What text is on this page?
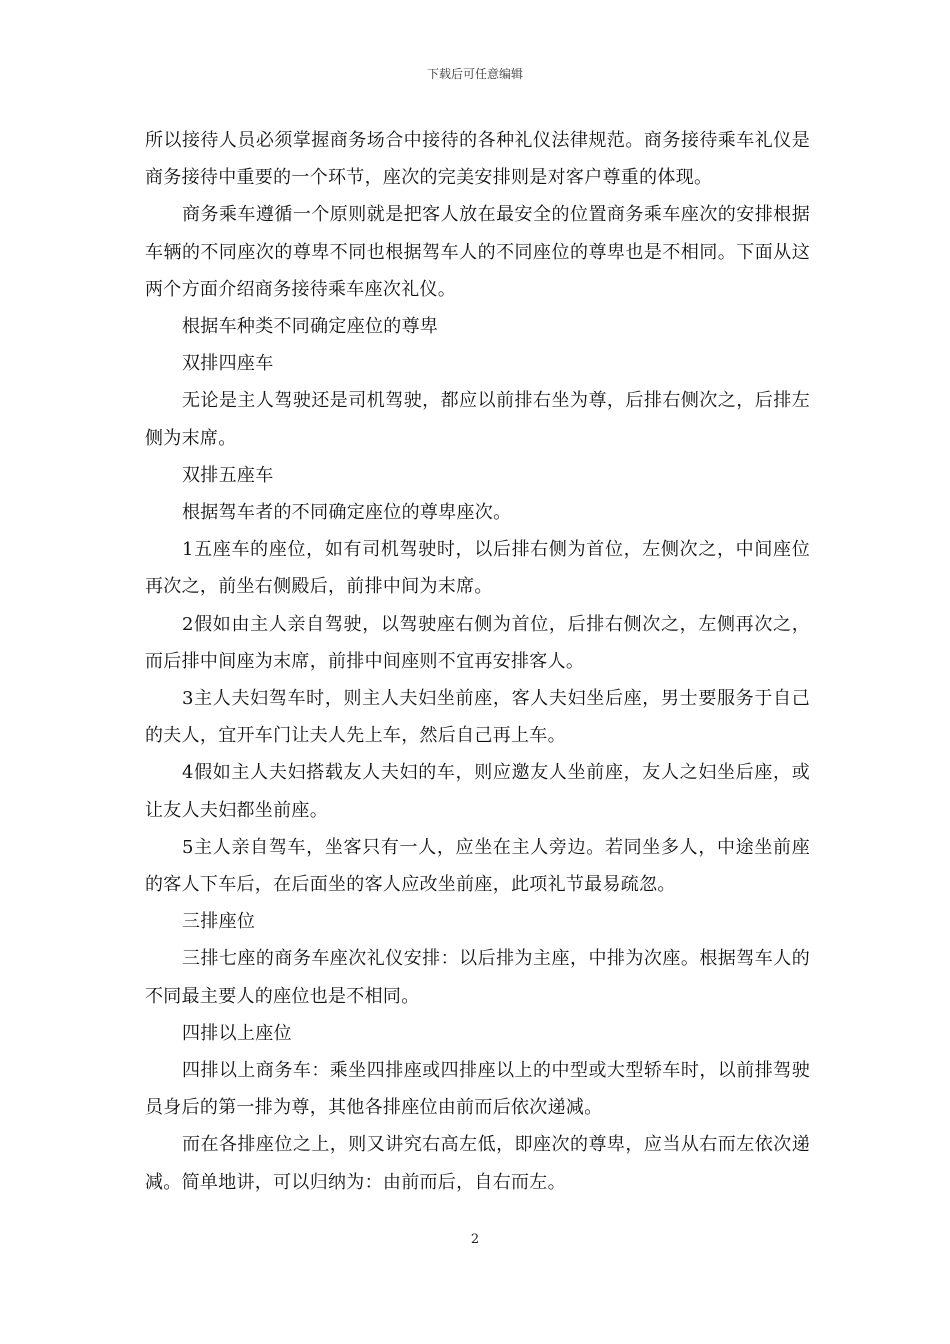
下载后可任意编辑

所以接待人员必须掌握商务场合中接待的各种礼仪法律规范。商务接待乘车礼仪是商务接待中重要的一个环节，座次的完美安排则是对客户尊重的体现。

商务乘车遵循一个原则就是把客人放在最安全的位置商务乘车座次的安排根据车辆的不同座次的尊卑不同也根据驾车人的不同座位的尊卑也是不相同。下面从这两个方面介绍商务接待乘车座次礼仪。

根据车种类不同确定座位的尊卑

双排四座车

无论是主人驾驶还是司机驾驶，都应以前排右坐为尊，后排右侧次之，后排左侧为末席。

双排五座车

根据驾车者的不同确定座位的尊卑座次。

1五座车的座位，如有司机驾驶时，以后排右侧为首位，左侧次之，中间座位再次之，前坐右侧殿后，前排中间为末席。

2假如由主人亲自驾驶，以驾驶座右侧为首位，后排右侧次之，左侧再次之，而后排中间座为末席，前排中间座则不宜再安排客人。

3主人夫妇驾车时，则主人夫妇坐前座，客人夫妇坐后座，男士要服务于自己的夫人，宜开车门让夫人先上车，然后自己再上车。

4假如主人夫妇搭载友人夫妇的车，则应邀友人坐前座，友人之妇坐后座，或让友人夫妇都坐前座。

5主人亲自驾车，坐客只有一人，应坐在主人旁边。若同坐多人，中途坐前座的客人下车后，在后面坐的客人应改坐前座，此项礼节最易疏忽。

三排座位

三排七座的商务车座次礼仪安排：以后排为主座，中排为次座。根据驾车人的不同最主要人的座位也是不相同。

四排以上座位

四排以上商务车：乘坐四排座或四排座以上的中型或大型轿车时，以前排驾驶员身后的第一排为尊，其他各排座位由前而后依次递减。

而在各排座位之上，则又讲究右高左低，即座次的尊卑，应当从右而左依次递减。简单地讲，可以归纳为：由前而后，自右而左。

2
